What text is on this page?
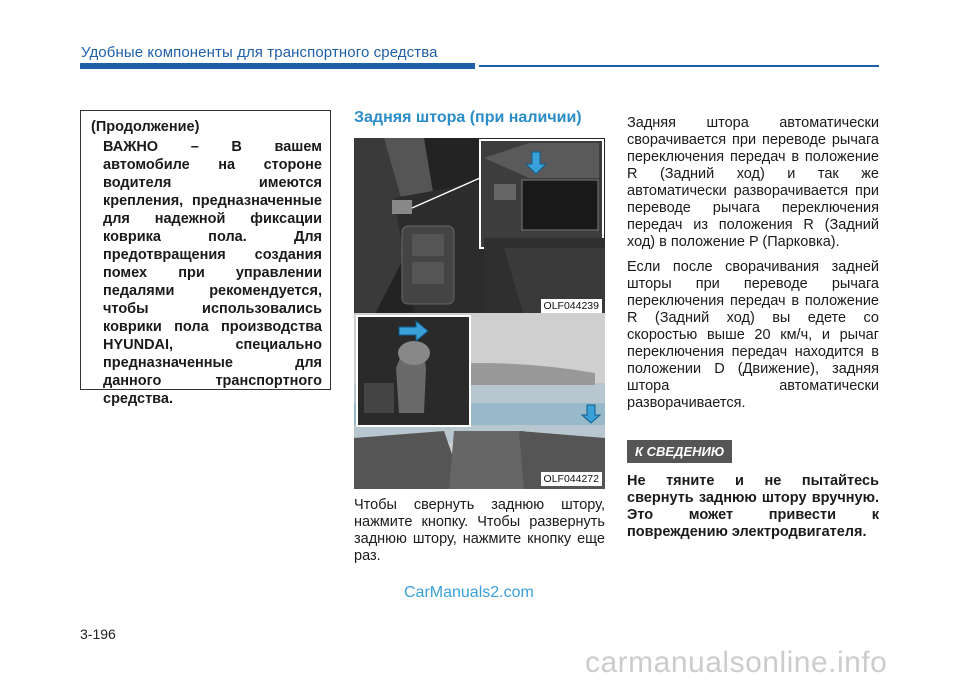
Удобные компоненты для транспортного средства
(Продолжение)
ВАЖНО – В вашем автомобиле на стороне водителя имеются крепления, предназначенные для надежной фиксации коврика пола. Для предотвращения создания помех при управлении педалями рекомендуется, чтобы использовались коврики пола производства HYUNDAI, специально предназначенные для данного транспортного средства.
Задняя штора (при наличии)
OLF044239
OLF044272
Чтобы свернуть заднюю штору, нажмите кнопку. Чтобы развернуть заднюю штору, нажмите кнопку еще раз.

Задняя штора автоматически сворачивается при переводе рычага переключения передач в положение R (Задний ход) и так же автоматически разворачивается при переводе рычага переключения передач из положения R (Задний ход) в положение P (Парковка).

Если после сворачивания задней шторы при переводе рычага переключения передач в положение R (Задний ход) вы едете со скоростью выше 20 км/ч, и рычаг переключения передач находится в положении D (Движение), задняя штора автоматически разворачивается.

К СВЕДЕНИЮ

Не тяните и не пытайтесь свернуть заднюю штору вручную. Это может привести к повреждению электродвигателя.

CarManuals2.com
3-196
carmanualsonline.info
